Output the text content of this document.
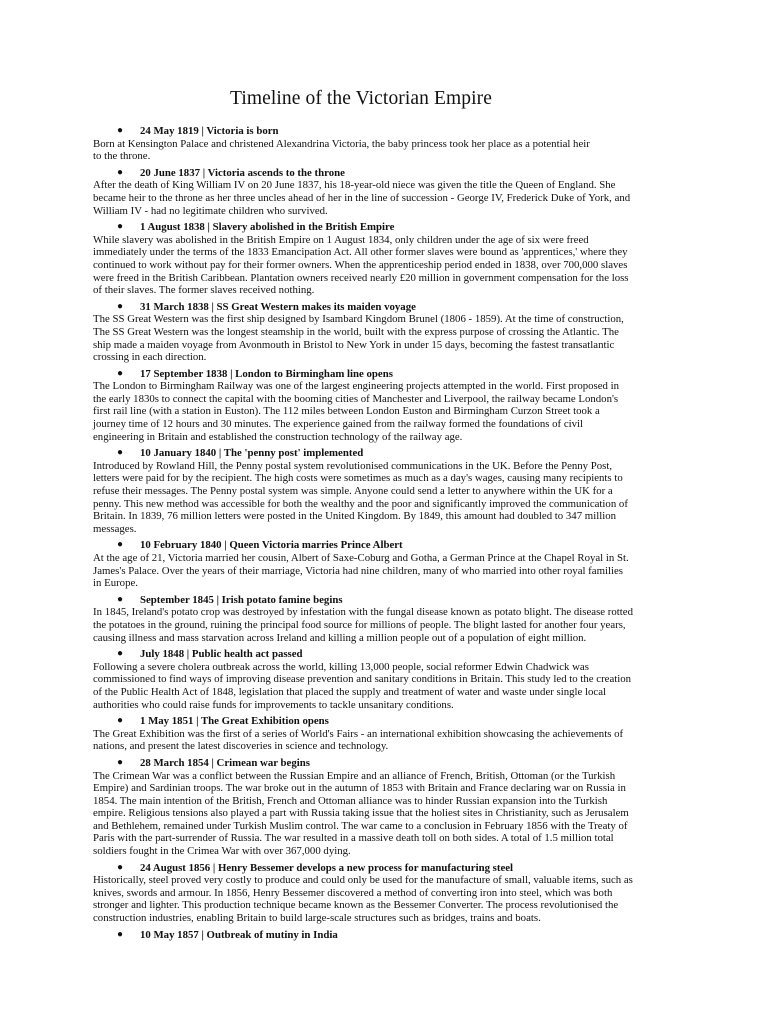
Timeline of the Victorian Empire
● 24 May 1819 | Victoria is born
Born at Kensington Palace and christened Alexandrina Victoria, the baby princess took her place as a potential heir
to the throne.
● 20 June 1837 | Victoria ascends to the throne
After the death of King William IV on 20 June 1837, his 18-year-old niece was given the title the Queen of England. She
became heir to the throne as her three uncles ahead of her in the line of succession - George IV, Frederick Duke of York, and
William IV - had no legitimate children who survived.
● 1 August 1838 | Slavery abolished in the British Empire
While slavery was abolished in the British Empire on 1 August 1834, only children under the age of six were freed
immediately under the terms of the 1833 Emancipation Act. All other former slaves were bound as 'apprentices,' where they
continued to work without pay for their former owners. When the apprenticeship period ended in 1838, over 700,000 slaves
were freed in the British Caribbean. Plantation owners received nearly £20 million in government compensation for the loss
of their slaves. The former slaves received nothing.
● 31 March 1838 | SS Great Western makes its maiden voyage
The SS Great Western was the first ship designed by Isambard Kingdom Brunel (1806 - 1859). At the time of construction,
The SS Great Western was the longest steamship in the world, built with the express purpose of crossing the Atlantic. The
ship made a maiden voyage from Avonmouth in Bristol to New York in under 15 days, becoming the fastest transatlantic
crossing in each direction.
● 17 September 1838 | London to Birmingham line opens
The London to Birmingham Railway was one of the largest engineering projects attempted in the world. First proposed in
the early 1830s to connect the capital with the booming cities of Manchester and Liverpool, the railway became London's
first rail line (with a station in Euston). The 112 miles between London Euston and Birmingham Curzon Street took a
journey time of 12 hours and 30 minutes. The experience gained from the railway formed the foundations of civil
engineering in Britain and established the construction technology of the railway age.
● 10 January 1840 | The 'penny post' implemented
Introduced by Rowland Hill, the Penny postal system revolutionised communications in the UK. Before the Penny Post,
letters were paid for by the recipient. The high costs were sometimes as much as a day's wages, causing many recipients to
refuse their messages. The Penny postal system was simple. Anyone could send a letter to anywhere within the UK for a
penny. This new method was accessible for both the wealthy and the poor and significantly improved the communication of
Britain. In 1839, 76 million letters were posted in the United Kingdom. By 1849, this amount had doubled to 347 million
messages.
● 10 February 1840 | Queen Victoria marries Prince Albert
At the age of 21, Victoria married her cousin, Albert of Saxe-Coburg and Gotha, a German Prince at the Chapel Royal in St.
James's Palace. Over the years of their marriage, Victoria had nine children, many of who married into other royal families
in Europe.
● September 1845 | Irish potato famine begins
In 1845, Ireland's potato crop was destroyed by infestation with the fungal disease known as potato blight. The disease rotted
the potatoes in the ground, ruining the principal food source for millions of people. The blight lasted for another four years,
causing illness and mass starvation across Ireland and killing a million people out of a population of eight million.
● July 1848 | Public health act passed
Following a severe cholera outbreak across the world, killing 13,000 people, social reformer Edwin Chadwick was
commissioned to find ways of improving disease prevention and sanitary conditions in Britain. This study led to the creation
of the Public Health Act of 1848, legislation that placed the supply and treatment of water and waste under single local
authorities who could raise funds for improvements to tackle unsanitary conditions.
● 1 May 1851 | The Great Exhibition opens
The Great Exhibition was the first of a series of World's Fairs - an international exhibition showcasing the achievements of
nations, and present the latest discoveries in science and technology.
● 28 March 1854 | Crimean war begins
The Crimean War was a conflict between the Russian Empire and an alliance of French, British, Ottoman (or the Turkish
Empire) and Sardinian troops. The war broke out in the autumn of 1853 with Britain and France declaring war on Russia in
1854. The main intention of the British, French and Ottoman alliance was to hinder Russian expansion into the Turkish
empire. Religious tensions also played a part with Russia taking issue that the holiest sites in Christianity, such as Jerusalem
and Bethlehem, remained under Turkish Muslim control. The war came to a conclusion in February 1856 with the Treaty of
Paris with the part-surrender of Russia. The war resulted in a massive death toll on both sides. A total of 1.5 million total
soldiers fought in the Crimea War with over 367,000 dying.
● 24 August 1856 | Henry Bessemer develops a new process for manufacturing steel
Historically, steel proved very costly to produce and could only be used for the manufacture of small, valuable items, such as
knives, swords and armour. In 1856, Henry Bessemer discovered a method of converting iron into steel, which was both
stronger and lighter. This production technique became known as the Bessemer Converter. The process revolutionised the
construction industries, enabling Britain to build large-scale structures such as bridges, trains and boats.
● 10 May 1857 | Outbreak of mutiny in India
